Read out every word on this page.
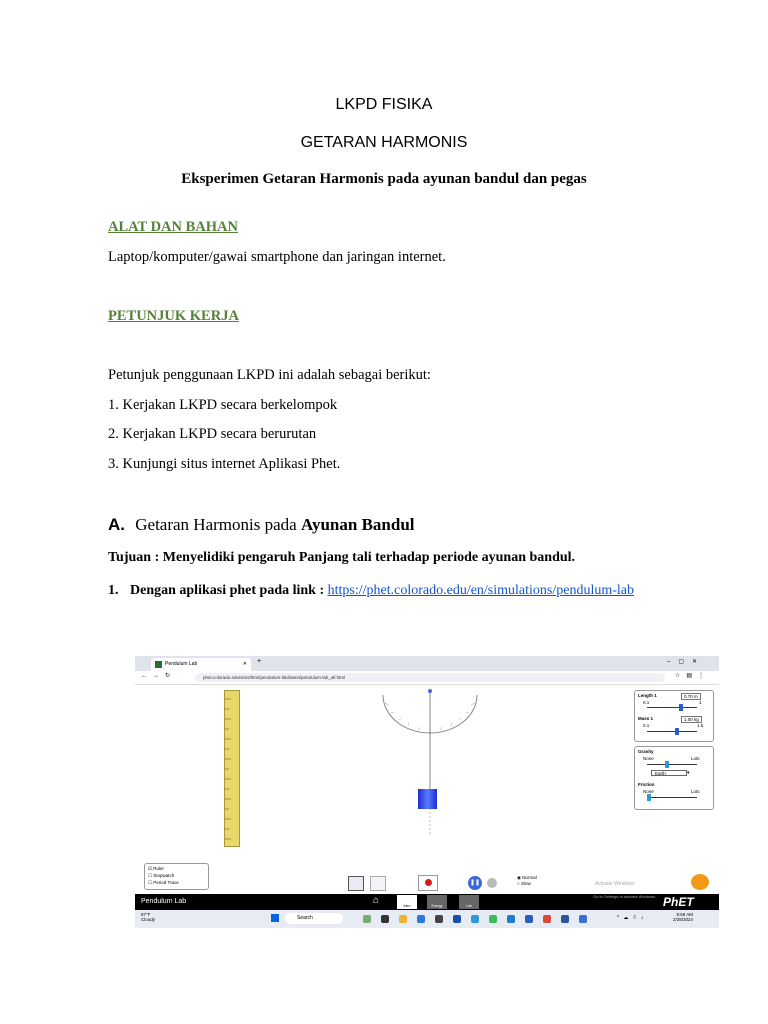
LKPD FISIKA
GETARAN HARMONIS
Eksperimen Getaran Harmonis pada ayunan bandul dan pegas
ALAT DAN BAHAN
Laptop/komputer/gawai smartphone dan jaringan internet.
PETUNJUK KERJA
Petunjuk penggunaan LKPD ini adalah sebagai berikut:
1. Kerjakan LKPD secara berkelompok
2. Kerjakan LKPD secara berurutan
3. Kunjungi situs internet Aplikasi Phet.
A. Getaran Harmonis pada Ayunan Bandul
Tujuan : Menyelidiki pengaruh Panjang tali terhadap periode ayunan bandul.
1. Dengan aplikasi phet pada link : https://phet.colorado.edu/en/simulations/pendulum-lab
Pendulum Lab	✕ +	–▢✕
←→↻	phet.colorado.edu/sims/html/pendulum-lab/latest/pendulum-lab_all.html	☆▤⋮
Length 1	0.70 m
0.1	1
Mass 1	1.00 kg
0.1	1.5
Gravity
None	Lots
Earth	▾
Friction
None	Lots
☑ Ruler
☐ Stopwatch
☐ Period Trace	❚❚
◉ Normal
○ Slow	Activate Windows
Pendulum Lab	⌂	Intro	Energy	Lab
Go to Settings to activate Windows. PhET
87°F
Cloudy	Search	^☁⌔♪
9:59 AM
2/28/2024
